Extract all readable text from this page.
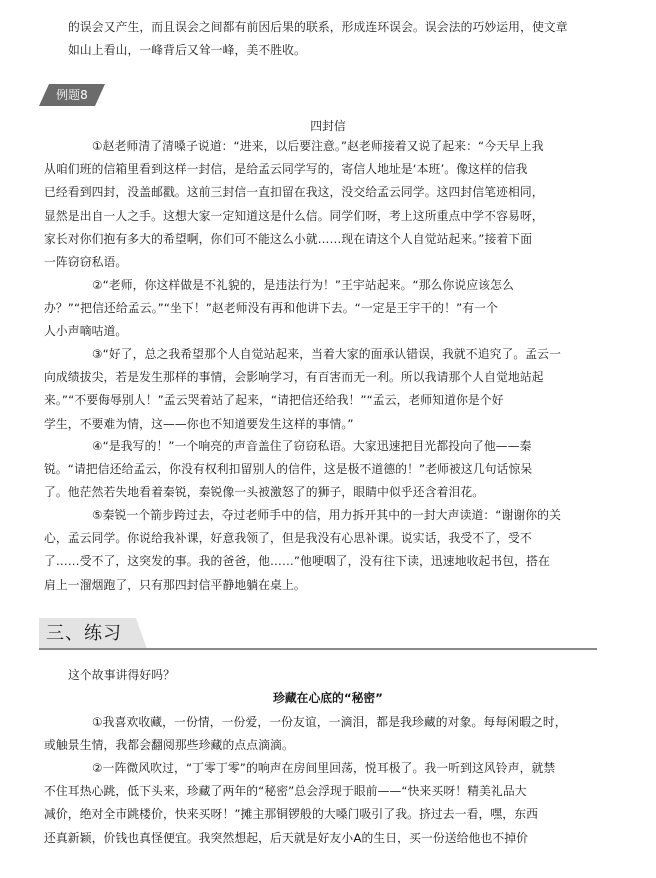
的误会又产生，而且误会之间都有前因后果的联系，形成连环误会。误会法的巧妙运用，使文章
如山上看山，一峰背后又耸一峰，美不胜收。
例题8
四封信
①赵老师清了清嗓子说道：“进来，以后要注意。”赵老师接着又说了起来：“今天早上我
从咱们班的信箱里看到这样一封信，是给孟云同学写的，寄信人地址是‘本班’。像这样的信我
已经看到四封，没盖邮戳。这前三封信一直扣留在我这，没交给孟云同学。这四封信笔迹相同，
显然是出自一人之手。这想大家一定知道这是什么信。同学们呀，考上这所重点中学不容易呀，
家长对你们抱有多大的希望啊，你们可不能这么小就……现在请这个人自觉站起来。”接着下面
一阵窃窃私语。
②“老师，你这样做是不礼貌的，是违法行为！”王宇站起来。“那么你说应该怎么
办？”“把信还给孟云。”“坐下！”赵老师没有再和他讲下去。“一定是王宇干的！”有一个
人小声嘀咕道。
③“好了，总之我希望那个人自觉站起来，当着大家的面承认错误，我就不追究了。孟云一
向成绩拔尖，若是发生那样的事情，会影响学习，有百害而无一利。所以我请那个人自觉地站起
来。”“不要侮辱别人！”孟云哭着站了起来，“请把信还给我！”“孟云，老师知道你是个好
学生，不要难为情，这——你也不知道要发生这样的事情。”
④“是我写的！”一个响亮的声音盖住了窃窃私语。大家迅速把目光都投向了他——秦
锐。“请把信还给孟云，你没有权利扣留别人的信件，这是极不道德的！”老师被这几句话惊呆
了。他茫然若失地看着秦锐，秦锐像一头被激怒了的狮子，眼睛中似乎还含着泪花。
⑤秦锐一个箭步跨过去，夺过老师手中的信，用力拆开其中的一封大声读道：“谢谢你的关
心，孟云同学。你说给我补课，好意我领了，但是我没有心思补课。说实话，我受不了，受不
了……受不了，这突发的事。我的爸爸，他……”他哽咽了，没有往下读，迅速地收起书包，搭在
肩上一溜烟跑了，只有那四封信平静地躺在桌上。
三、练习
这个故事讲得好吗？
珍藏在心底的“秘密”
①我喜欢收藏，一份情，一份爱，一份友谊，一滴泪，都是我珍藏的对象。每每闲暇之时，
或触景生情，我都会翻阅那些珍藏的点点滴滴。
②一阵微风吹过，“丁零丁零”的响声在房间里回荡，悦耳极了。我一听到这风铃声，就禁
不住耳热心跳，低下头来，珍藏了两年的“秘密”总会浮现于眼前——“快来买呀！精美礼品大
减价，绝对全市跳楼价，快来买呀！”摊主那铜锣般的大嗓门吸引了我。挤过去一看，嘿，东西
还真新颖，价钱也真怪便宜。我突然想起，后天就是好友小A的生日，买一份送给他也不掉价
